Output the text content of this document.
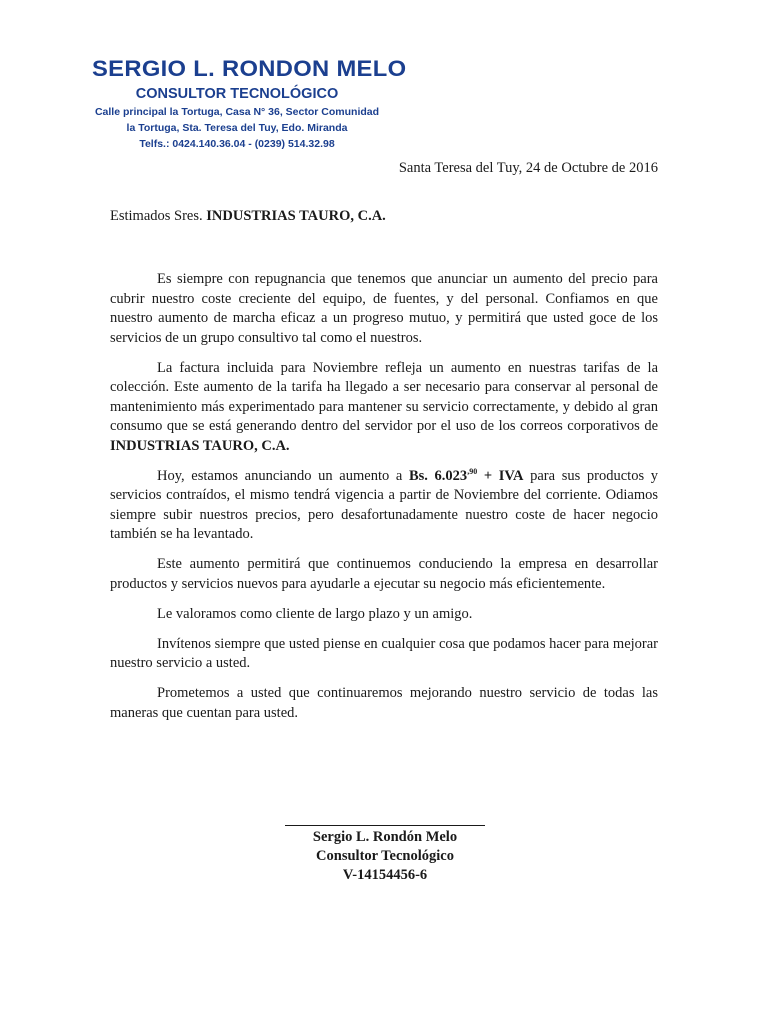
SERGIO L. RONDON MELO
CONSULTOR TECNOLÓGICO
Calle principal la Tortuga, Casa N° 36, Sector Comunidad
la Tortuga, Sta. Teresa del Tuy, Edo. Miranda
Telfs.: 0424.140.36.04 - (0239) 514.32.98
Santa Teresa del Tuy, 24 de Octubre de 2016
Estimados Sres. INDUSTRIAS TAURO, C.A.

Es siempre con repugnancia que tenemos que anunciar un aumento del precio para cubrir nuestro coste creciente del equipo, de fuentes, y del personal. Confiamos en que nuestro aumento de marcha eficaz a un progreso mutuo, y permitirá que usted goce de los servicios de un grupo consultivo tal como el nuestros.

La factura incluida para Noviembre refleja un aumento en nuestras tarifas de la colección. Este aumento de la tarifa ha llegado a ser necesario para conservar al personal de mantenimiento más experimentado para mantener su servicio correctamente, y debido al gran consumo que se está generando dentro del servidor por el uso de los correos corporativos de INDUSTRIAS TAURO, C.A.

Hoy, estamos anunciando un aumento a Bs. $6.023^{,90}$ + IVA para sus productos y servicios contraídos, el mismo tendrá vigencia a partir de Noviembre del corriente. Odiamos siempre subir nuestros precios, pero desafortunadamente nuestro coste de hacer negocio también se ha levantado.

Este aumento permitirá que continuemos conduciendo la empresa en desarrollar productos y servicios nuevos para ayudarle a ejecutar su negocio más eficientemente.

Le valoramos como cliente de largo plazo y un amigo.

Invítenos siempre que usted piense en cualquier cosa que podamos hacer para mejorar nuestro servicio a usted.

Prometemos a usted que continuaremos mejorando nuestro servicio de todas las maneras que cuentan para usted.

Sergio L. Rondón Melo
Consultor Tecnológico
V-14154456-6
